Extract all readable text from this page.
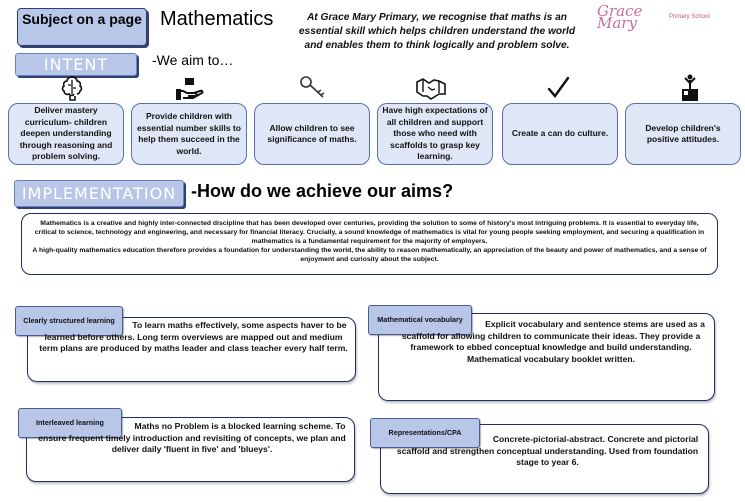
Subject on a page Mathematics	At Grace Mary Primary, we recognise that maths is an essential skill which helps children understand the world and enables them to think logically and problem solve.
Grace Mary	Primary School
INTENT	-We aim to…
Deliver mastery curriculum- children deepen understanding through reasoning and problem solving.
Provide children with essential number skills to help them succeed in the world.
Allow children to see significance of maths.
Have high expectations of all children and support those who need with scaffolds to grasp key learning.
Create a can do culture.
Develop children's positive attitudes.
IMPLEMENTATION -How do we achieve our aims?
Mathematics is a creative and highly inter-connected discipline that has been developed over centuries, providing the solution to some of history's most intriguing problems. It is essential to everyday life, critical to science, technology and engineering, and necessary for financial literacy. Crucially, a sound knowledge of mathematics is vital for young people seeking employment, and securing a qualification in mathematics is a fundamental requirement for the majority of employers.
A high-quality mathematics education therefore provides a foundation for understanding the world, the ability to reason mathematically, an appreciation of the beauty and power of mathematics, and a sense of enjoyment and curiosity about the subject.
Clearly structured learning	To learn maths effectively, some aspects haver to be learned before others. Long term overviews are mapped out and medium term plans are produced by maths leader and class teacher every half term.
Mathematical vocabulary	Explicit vocabulary and sentence stems are used as a scaffold for allowing children to communicate their ideas. They provide a framework to ebbed conceptual knowledge and build understanding. Mathematical vocabulary booklet written.
Interleaved learning	Maths no Problem is a blocked learning scheme. To ensure frequent timely introduction and revisiting of concepts, we plan and deliver daily 'fluent in five' and 'blueys'.
Representations/CPA
Concrete-pictorial-abstract. Concrete and pictorial scaffold and strengthen conceptual understanding. Used from foundation stage to year 6.
